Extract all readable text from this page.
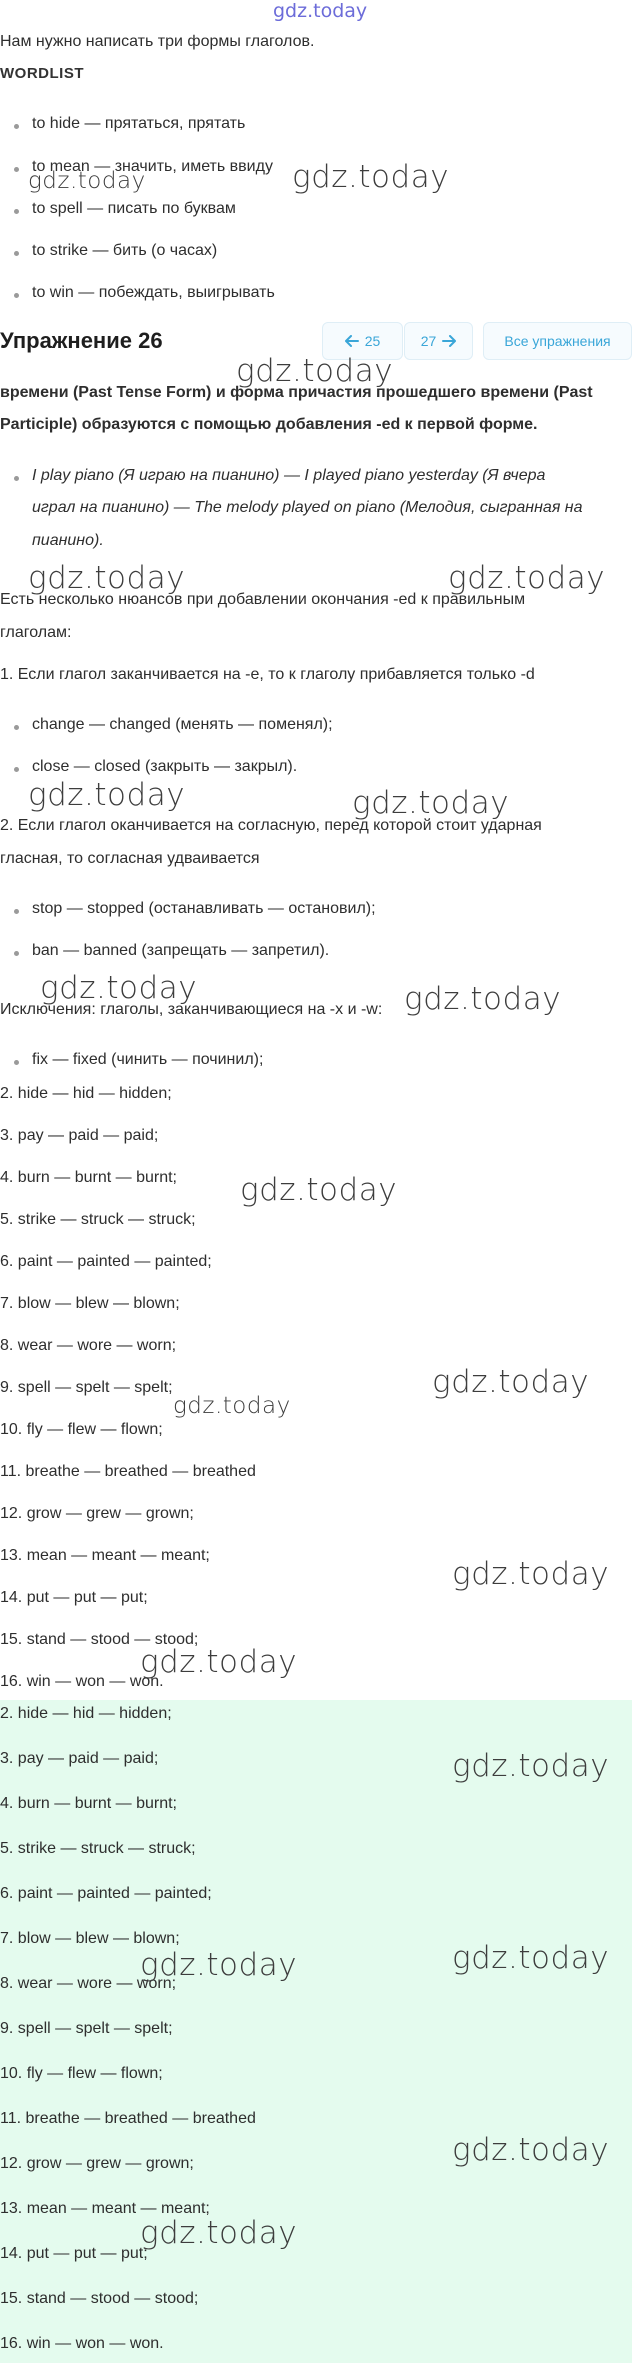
gdz.today
Нам нужно написать три формы глаголов.
WORDLIST
to hide — прятаться, прятать
to mean — значить, иметь ввиду
to spell — писать по буквам
to strike — бить (о часах)
to win — побеждать, выигрывать
Упражнение 26	25	27	Все упражнения
времени (Past Tense Form) и форма причастия прошедшего времени (Past
Participle) образуются с помощью добавления -ed к первой форме.
I play piano (Я играю на пианино) — I played piano yesterday (Я вчера
играл на пианино) — The melody played on piano (Мелодия, сыгранная на
пианино).
Есть несколько нюансов при добавлении окончания -ed к правильным
глаголам:
1. Если глагол заканчивается на -e, то к глаголу прибавляется только -d
change — changed (менять — поменял);
close — closed (закрыть — закрыл).
2. Если глагол оканчивается на согласную, перед которой стоит ударная
гласная, то согласная удваивается
stop — stopped (останавливать — остановил);
ban — banned (запрещать — запретил).
Исключения: глаголы, заканчивающиеся на -x и -w:
fix — fixed (чинить — починил);
2. hide — hid — hidden;
3. pay — paid — paid;
4. burn — burnt — burnt;
5. strike — struck — struck;
6. paint — painted — painted;
7. blow — blew — blown;
8. wear — wore — worn;
9. spell — spelt — spelt;
10. fly — flew — flown;
11. breathe — breathed — breathed
12. grow — grew — grown;
13. mean — meant — meant;
14. put — put — put;
15. stand — stood — stood;
16. win — won — won.
2. hide — hid — hidden;
3. pay — paid — paid;
4. burn — burnt — burnt;
5. strike — struck — struck;
6. paint — painted — painted;
7. blow — blew — blown;
8. wear — wore — worn;
9. spell — spelt — spelt;
10. fly — flew — flown;
11. breathe — breathed — breathed
12. grow — grew — grown;
13. mean — meant — meant;
14. put — put — put;
15. stand — stood — stood;
16. win — won — won.
gdz.today	gdz.today
gdz.today
gdz.today	gdz.today
gdz.today	gdz.today
gdz.today	gdz.today
gdz.today
gdz.today
gdz.today
gdz.today
gdz.today
gdz.today
gdz.today	gdz.today
gdz.today
gdz.today
